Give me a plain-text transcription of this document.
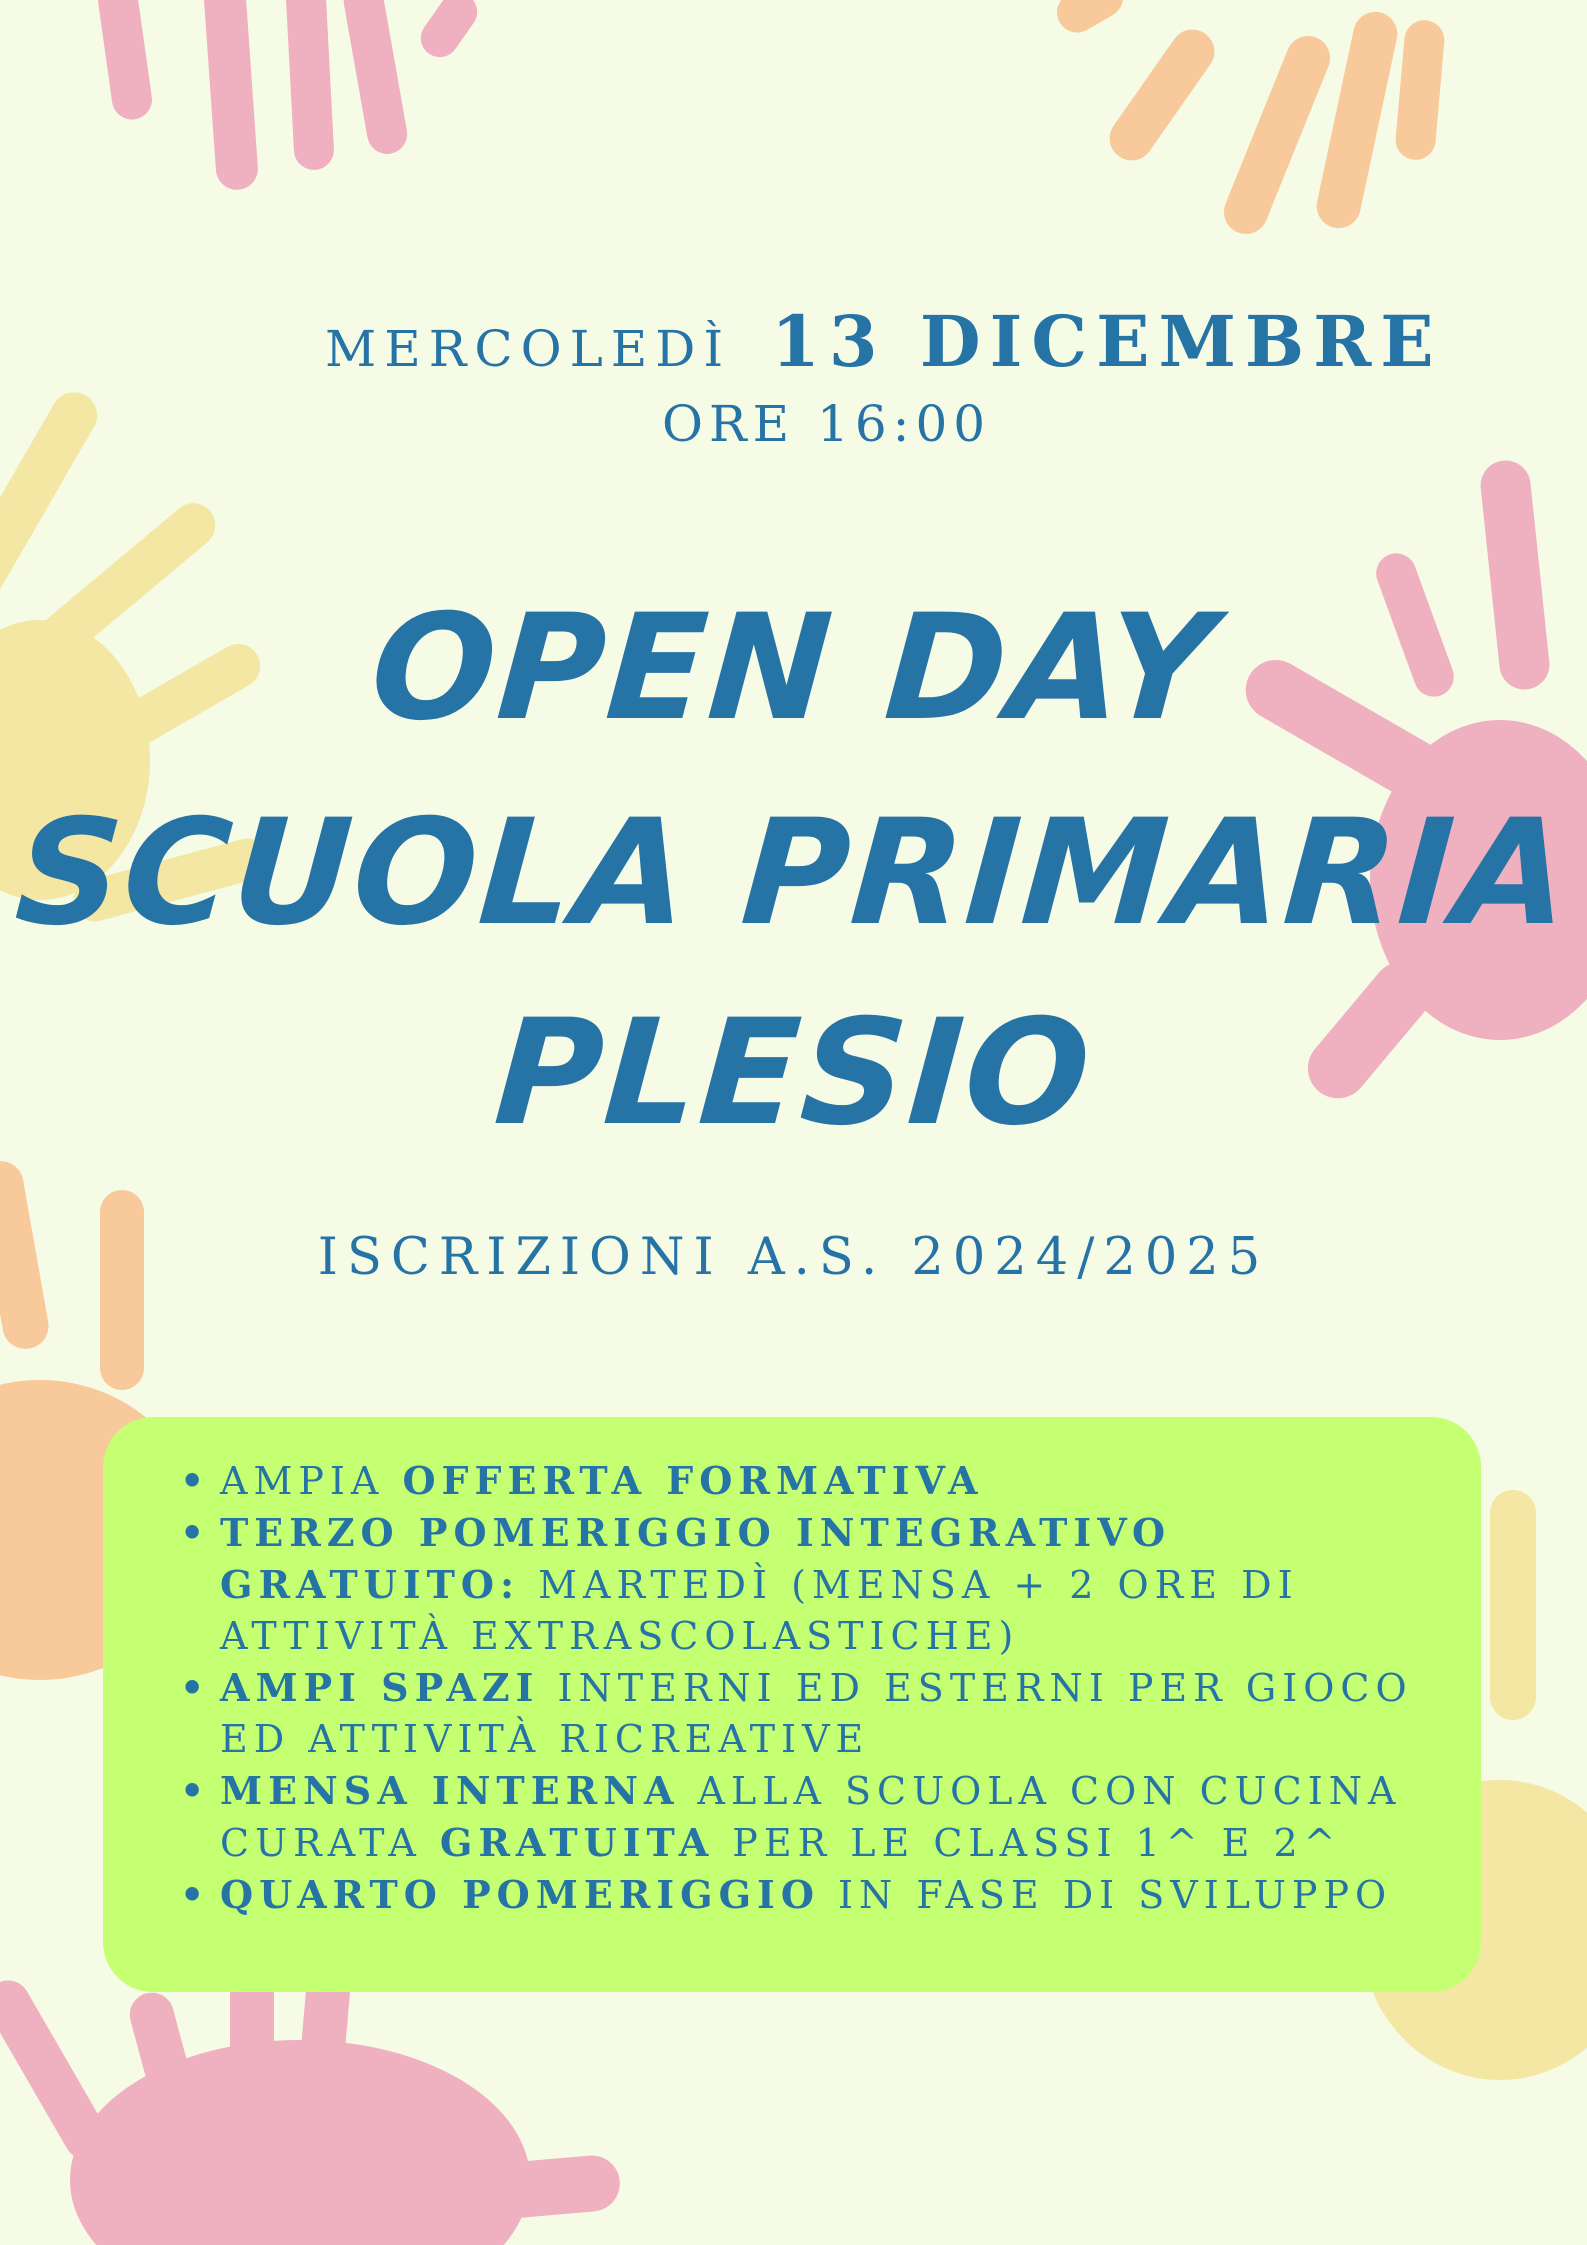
MERCOLEDÌ 13 DICEMBRE
ORE 16:00
OPEN DAY
SCUOLA PRIMARIA
PLESIO
ISCRIZIONI A.S. 2024/2025
• AMPIA OFFERTA FORMATIVA
• TERZO POMERIGGIO INTEGRATIVO GRATUITO: MARTEDÌ (MENSA + 2 ORE DI ATTIVITÀ EXTRASCOLASTICHE)
• AMPI SPAZI INTERNI ED ESTERNI PER GIOCO ED ATTIVITÀ RICREATIVE
• MENSA INTERNA ALLA SCUOLA CON CUCINA CURATA GRATUITA PER LE CLASSI 1^ E 2^
• QUARTO POMERIGGIO IN FASE DI SVILUPPO
